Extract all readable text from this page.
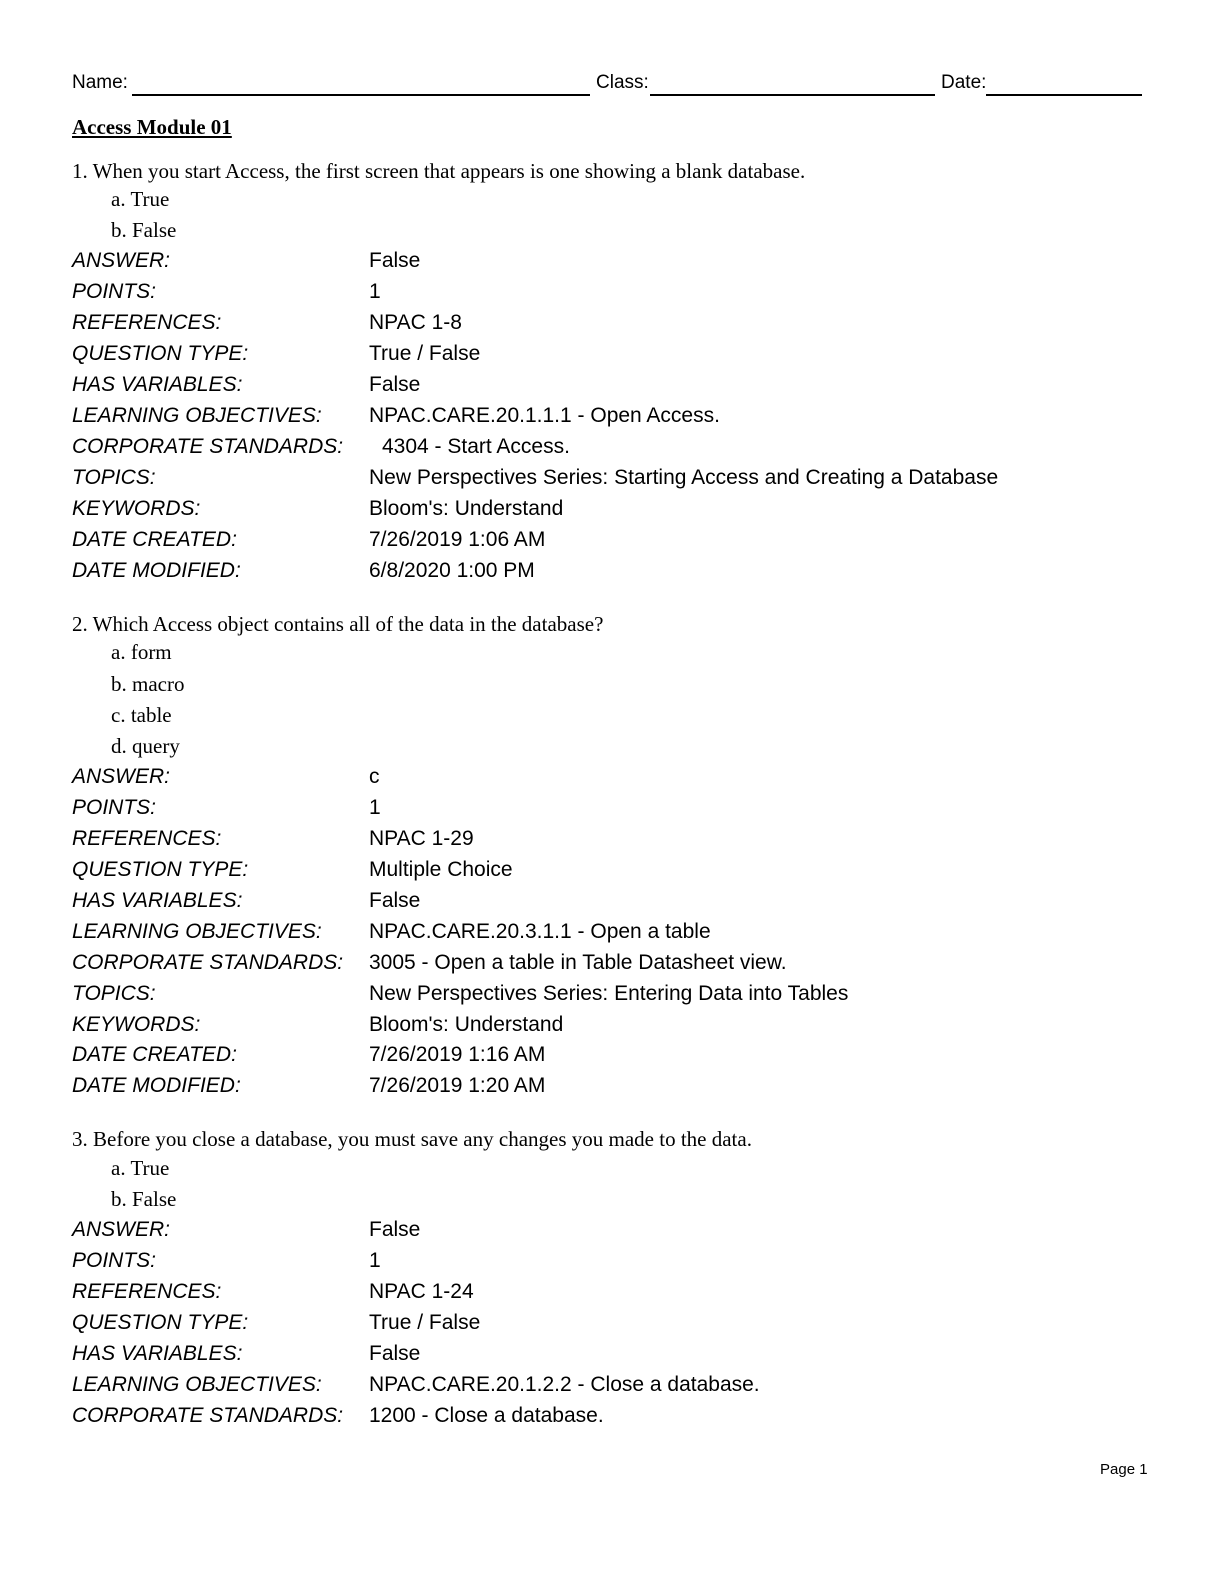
Name:	Class:	Date:
Access Module 01
1. When you start Access, the first screen that appears is one showing a blank database.
a. True
b. False
ANSWER:	False
POINTS:	1
REFERENCES:	NPAC 1-8
QUESTION TYPE:	True / False
HAS VARIABLES:	False
LEARNING OBJECTIVES: NPAC.CARE.20.1.1.1 - Open Access.
CORPORATE STANDARDS: 4304 - Start Access.
TOPICS:	New Perspectives Series: Starting Access and Creating a Database
KEYWORDS:	Bloom's: Understand
DATE CREATED:	7/26/2019 1:06 AM
DATE MODIFIED:	6/8/2020 1:00 PM
2. Which Access object contains all of the data in the database?
a. form
b. macro
c. table
d. query
ANSWER:	c
POINTS:	1
REFERENCES:	NPAC 1-29
QUESTION TYPE:	Multiple Choice
HAS VARIABLES:	False
LEARNING OBJECTIVES: NPAC.CARE.20.3.1.1 - Open a table
CORPORATE STANDARDS: 3005 - Open a table in Table Datasheet view.
TOPICS:	New Perspectives Series: Entering Data into Tables
KEYWORDS:	Bloom's: Understand
DATE CREATED:	7/26/2019 1:16 AM
DATE MODIFIED:	7/26/2019 1:20 AM
3. Before you close a database, you must save any changes you made to the data.
a. True
b. False
ANSWER:	False
POINTS:	1
REFERENCES:	NPAC 1-24
QUESTION TYPE:	True / False
HAS VARIABLES:	False
LEARNING OBJECTIVES: NPAC.CARE.20.1.2.2 - Close a database.
CORPORATE STANDARDS: 1200 - Close a database.
Page 1
